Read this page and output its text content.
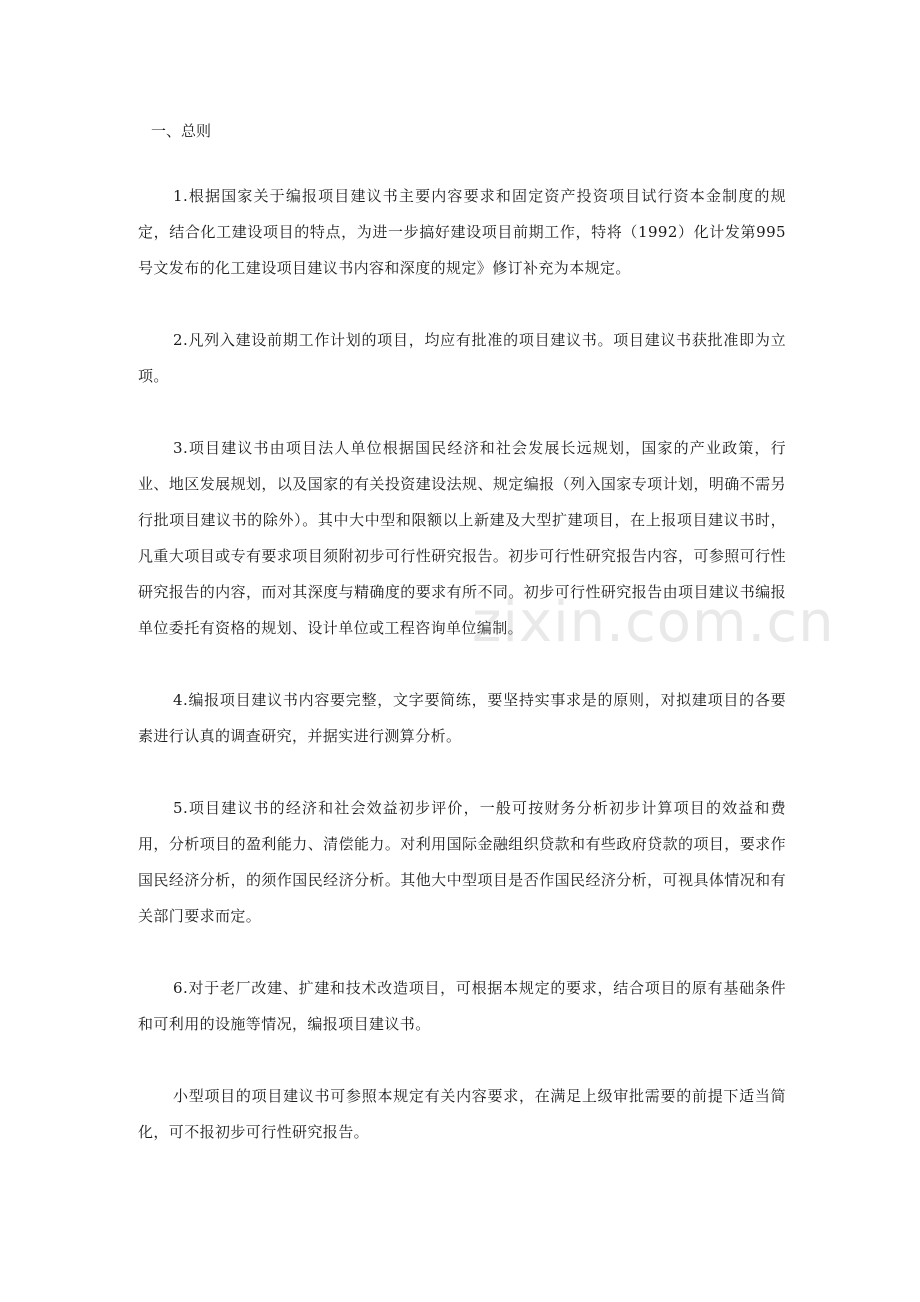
一、总则

1.根据国家关于编报项目建议书主要内容要求和固定资产投资项目试行资本金制度的规定，结合化工建设项目的特点，为进一步搞好建设项目前期工作，特将（1992）化计发第995号文发布的化工建设项目建议书内容和深度的规定》修订补充为本规定。

2.凡列入建设前期工作计划的项目，均应有批准的项目建议书。项目建议书获批准即为立项。

3.项目建议书由项目法人单位根据国民经济和社会发展长远规划，国家的产业政策，行业、地区发展规划，以及国家的有关投资建设法规、规定编报（列入国家专项计划，明确不需另行批项目建议书的除外）。其中大中型和限额以上新建及大型扩建项目，在上报项目建议书时，凡重大项目或专有要求项目须附初步可行性研究报告。初步可行性研究报告内容，可参照可行性研究报告的内容，而对其深度与精确度的要求有所不同。初步可行性研究报告由项目建议书编报单位委托有资格的规划、设计单位或工程咨询单位编制。

4.编报项目建议书内容要完整，文字要简练，要坚持实事求是的原则，对拟建项目的各要素进行认真的调查研究，并据实进行测算分析。

5.项目建议书的经济和社会效益初步评价，一般可按财务分析初步计算项目的效益和费用，分析项目的盈利能力、清偿能力。对利用国际金融组织贷款和有些政府贷款的项目，要求作国民经济分析，的须作国民经济分析。其他大中型项目是否作国民经济分析，可视具体情况和有关部门要求而定。

6.对于老厂改建、扩建和技术改造项目，可根据本规定的要求，结合项目的原有基础条件和可利用的设施等情况，编报项目建议书。

小型项目的项目建议书可参照本规定有关内容要求，在满足上级审批需要的前提下适当简化，可不报初步可行性研究报告。

zixin.com.cn
